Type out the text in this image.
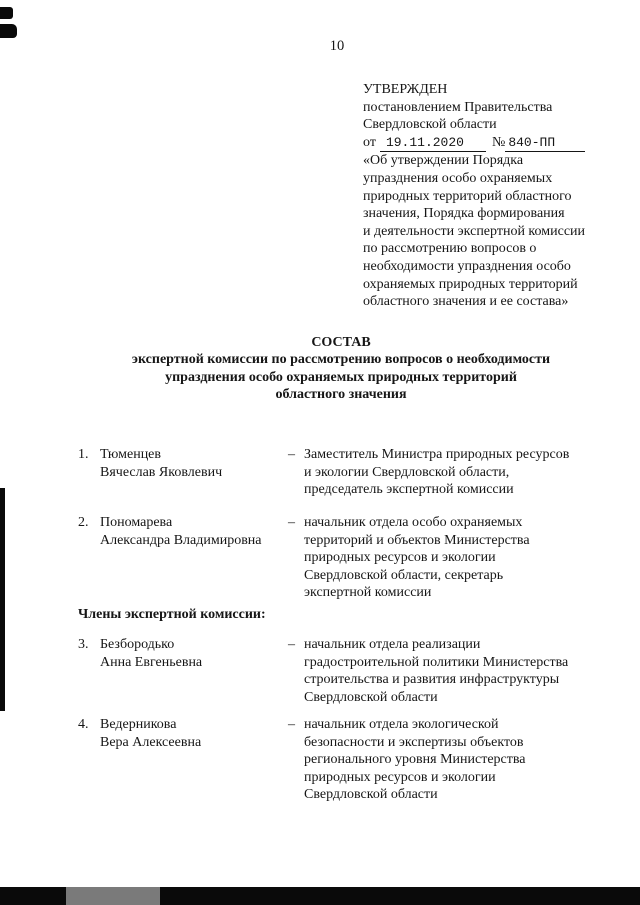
10
УТВЕРЖДЕН
постановлением Правительства
Свердловской области
от 19.11.2020 № 840-ПП
«Об утверждении Порядка
упразднения особо охраняемых
природных территорий областного
значения, Порядка формирования
и деятельности экспертной комиссии
по рассмотрению вопросов о
необходимости упразднения особо
охраняемых природных территорий
областного значения и ее состава»
СОСТАВ
экспертной комиссии по рассмотрению вопросов о необходимости
упразднения особо охраняемых природных территорий
областного значения
1. Тюменцев
Вячеслав Яковлевич
– Заместитель Министра природных ресурсов
и экологии Свердловской области,
председатель экспертной комиссии
2. Пономарева
Александра Владимировна
– начальник отдела особо охраняемых
территорий и объектов Министерства
природных ресурсов и экологии
Свердловской области, секретарь
экспертной комиссии
Члены экспертной комиссии:
3. Безбородько
Анна Евгеньевна
– начальник отдела реализации
градостроительной политики Министерства
строительства и развития инфраструктуры
Свердловской области
4. Ведерникова
Вера Алексеевна
– начальник отдела экологической
безопасности и экспертизы объектов
регионального уровня Министерства
природных ресурсов и экологии
Свердловской области
